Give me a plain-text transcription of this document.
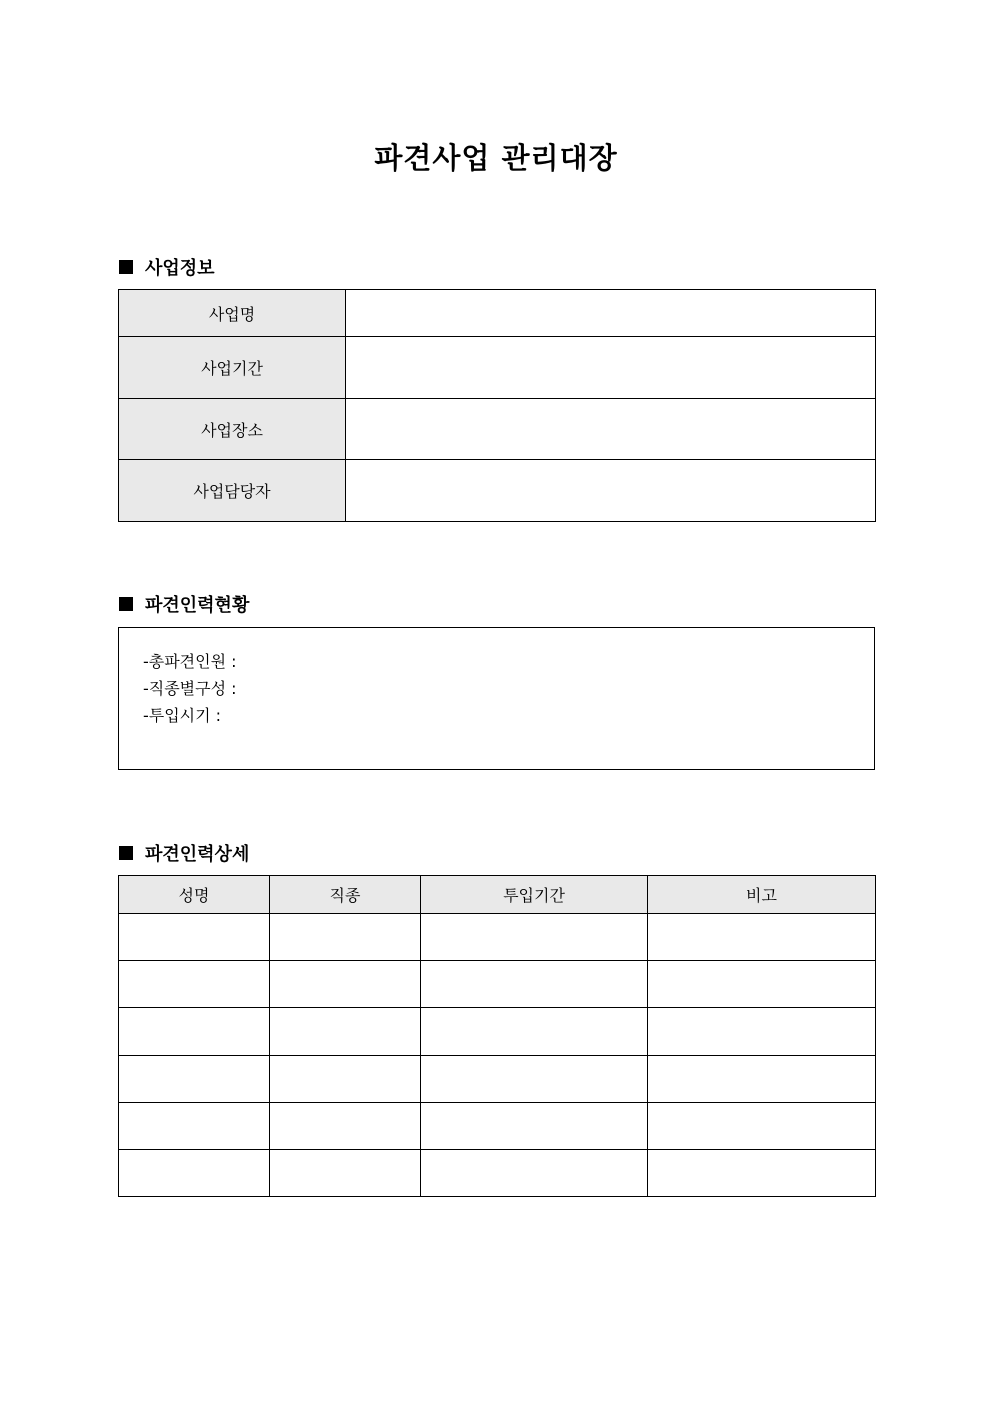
파견사업 관리대장
사업정보
사업명	
사업기간	
사업장소	
사업담당자	
파견인력현황
-총파견인원 :
-직종별구성 :
-투입시기 :
파견인력상세
성명	직종	투입기간	비고
